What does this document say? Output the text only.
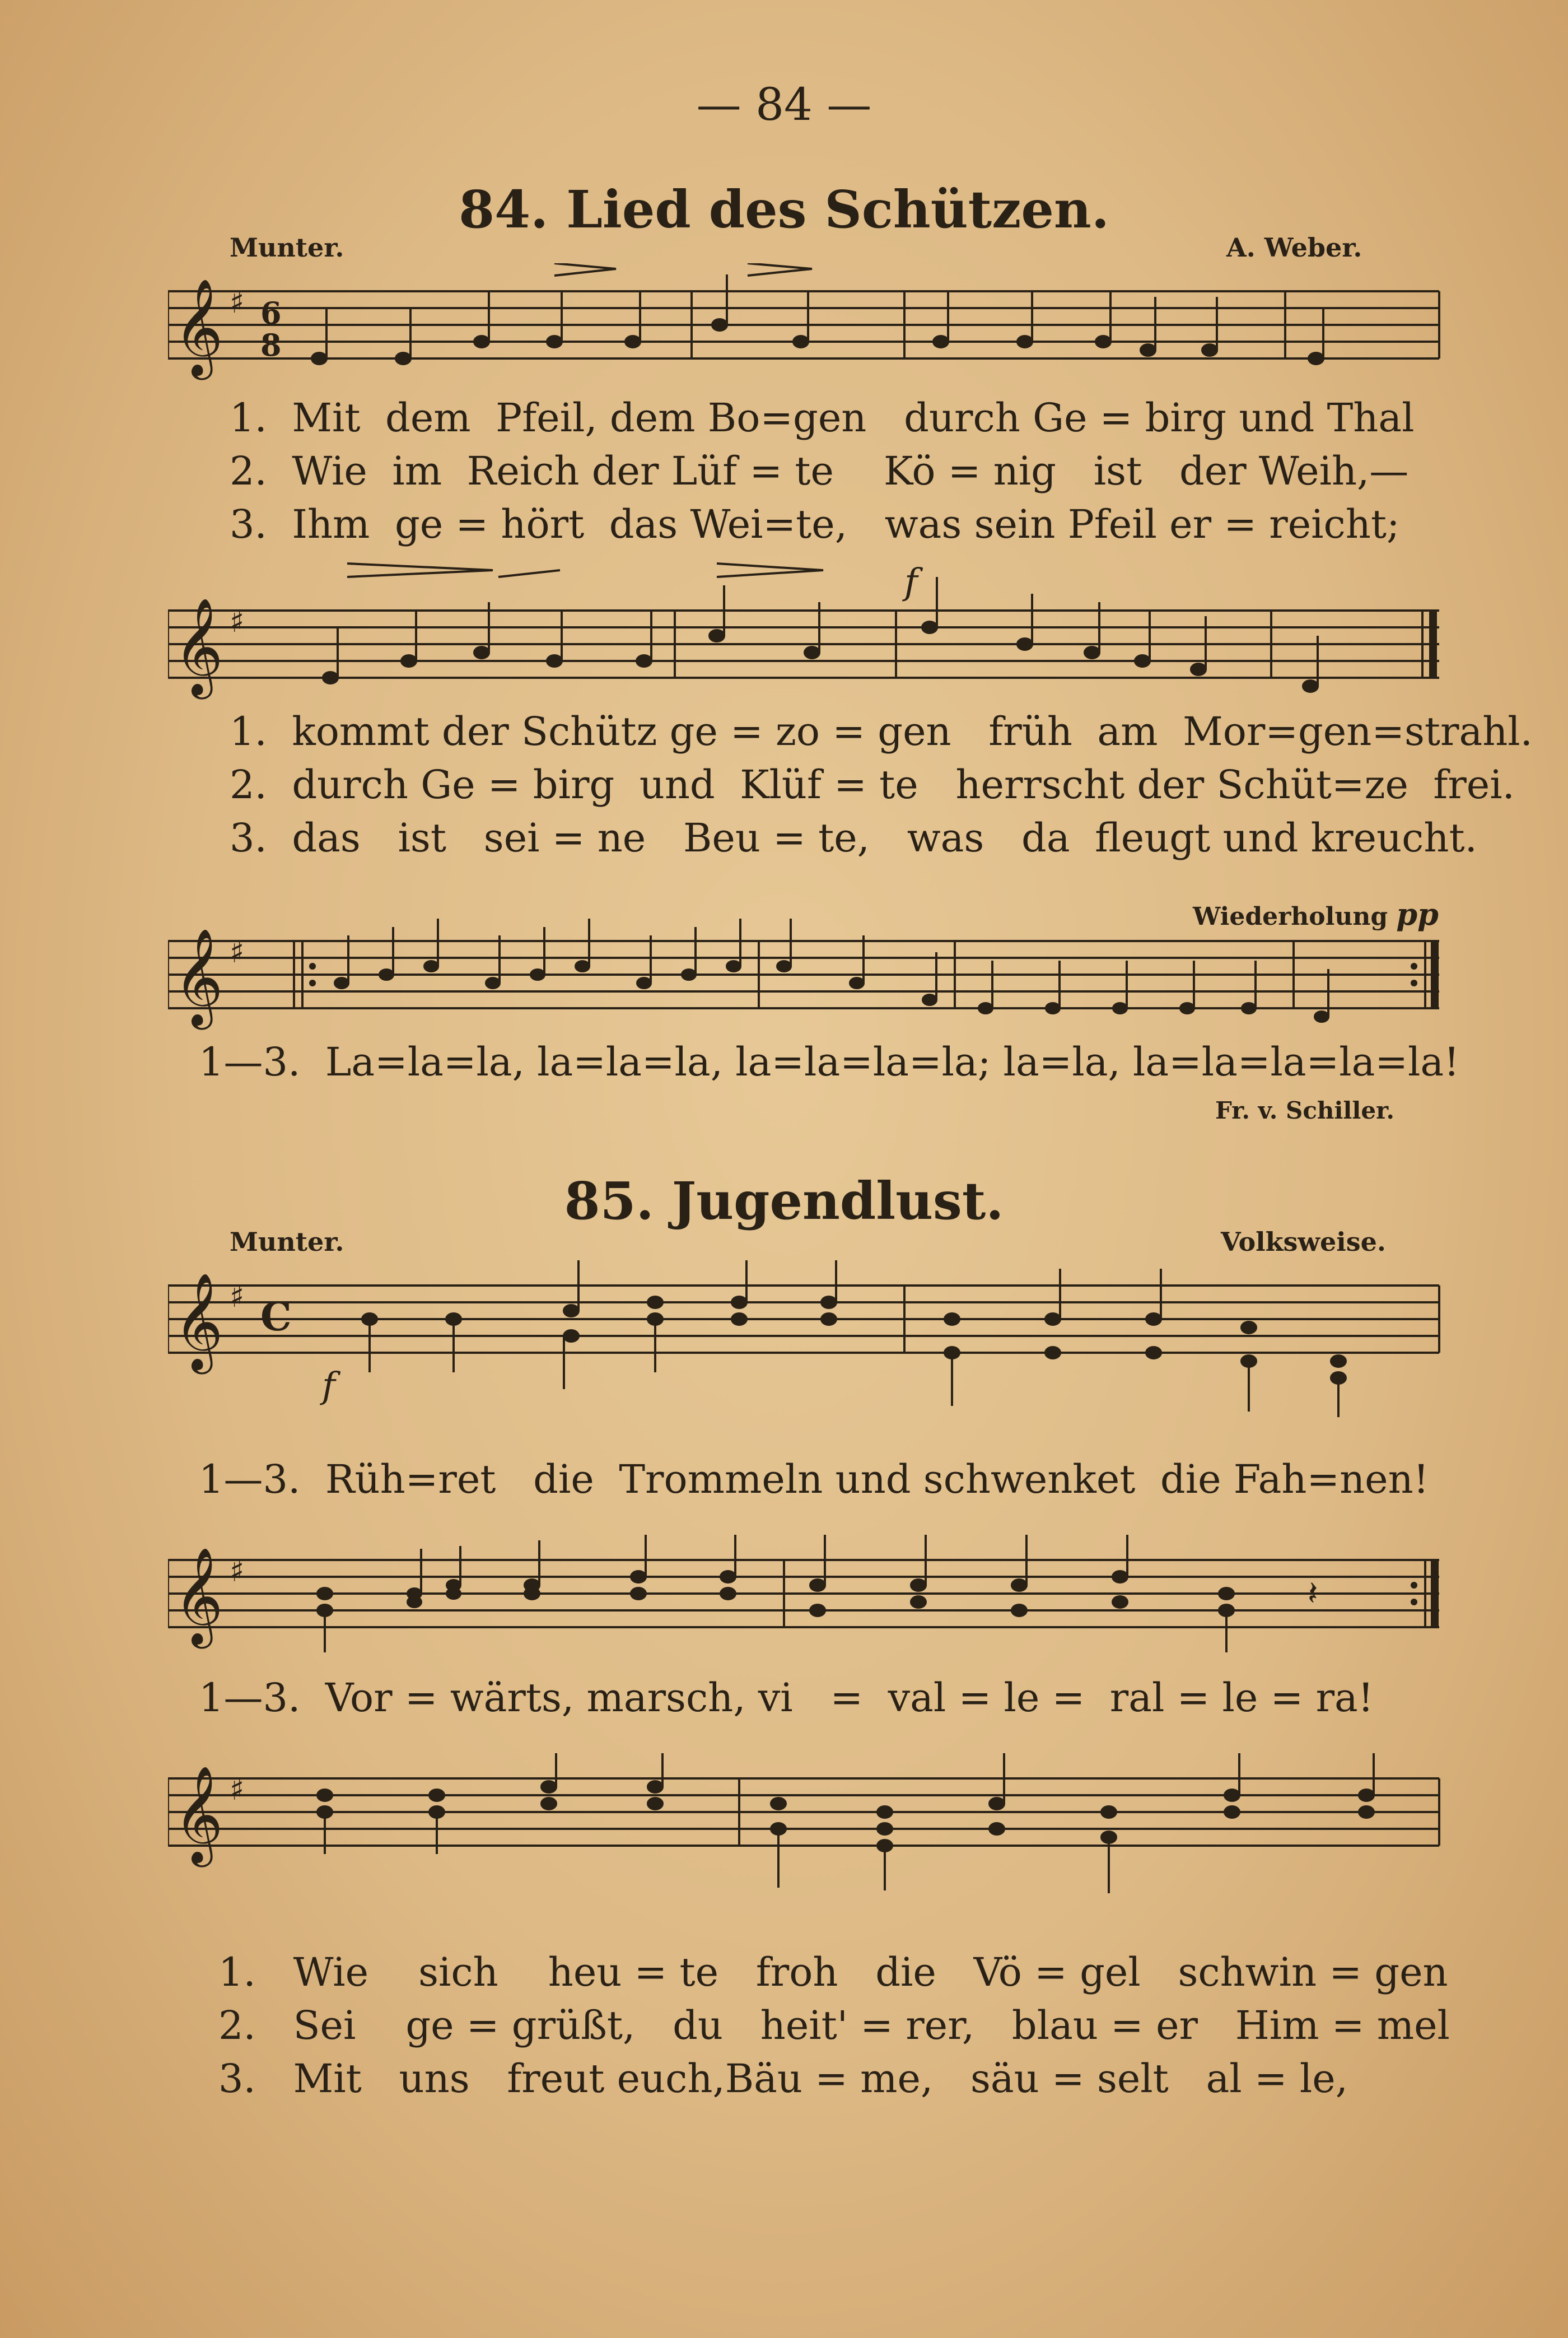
— 84 —
84. Lied des Schützen.
Munter.	A. Weber.
𝄞 ♯ 6
8
1. Mit dem Pfeil, dem Bo=gen durch Ge = birg und Thal
2. Wie im Reich der Lüf = te Kö = nig ist der Weih,—
3. Ihm ge = hört das Wei=te, was sein Pfeil er = reicht;
𝄞 ♯
f
1. kommt der Schütz ge = zo = gen früh am Mor=gen=strahl.
2. durch Ge = birg und Klüf = te herrscht der Schüt=ze frei.
3. das ist sei = ne Beu = te, was da fleugt und kreucht.
Wiederholung pp
𝄞 ♯
1—3. La=la=la, la=la=la, la=la=la=la; la=la, la=la=la=la=la!
Fr. v. Schiller.
85. Jugendlust.
Munter.	Volksweise.
𝄞 ♯ C
f
1—3. Rüh=ret die Trommeln und schwenket die Fah=nen!
𝄞 ♯
𝄽
1—3. Vor = wärts, marsch, vi = val = le = ral = le = ra!
𝄞 ♯
1. Wie sich heu = te froh die Vö = gel schwin = gen
2. Sei ge = grüßt, du heit' = rer, blau = er Him = mel
3. Mit uns freut euch,Bäu = me, säu = selt al = le,
